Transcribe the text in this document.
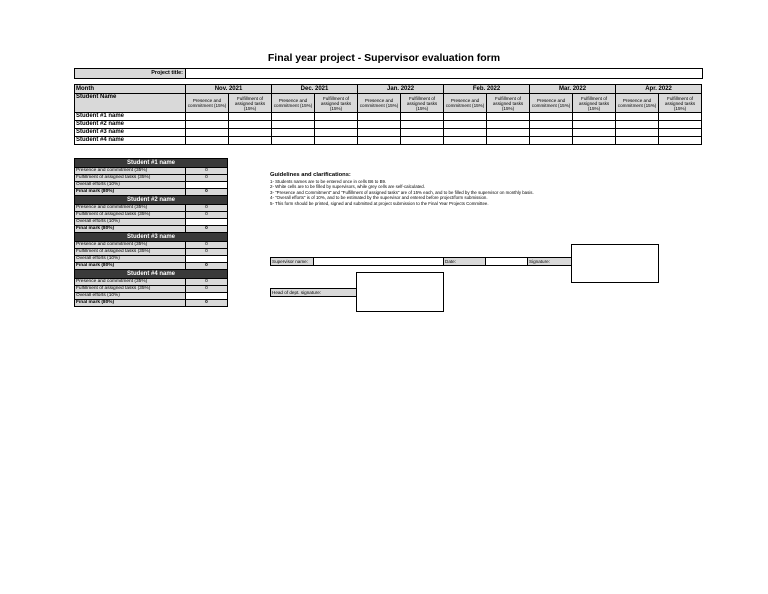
Final year project - Supervisor evaluation form
Project title:
Month	Nov. 2021		Dec. 2021		Jan. 2022		Feb. 2022		Mar. 2022		Apr. 2022	
Student Name	Presence and commitment (15%)	Fulfillment of assigned tasks (15%)	Presence and commitment (15%)	Fulfillment of assigned tasks (15%)	Presence and commitment (15%)	Fulfillment of assigned tasks (15%)	Presence and commitment (15%)	Fulfillment of assigned tasks (15%)	Presence and commitment (15%)	Fulfillment of assigned tasks (15%)	Presence and commitment (15%)	Fulfillment of assigned tasks (15%)
Student #1 name												
Student #2 name												
Student #3 name												
Student #4 name												
Student #1 name	
Presence and commitment (35%)	0
Fulfillment of assigned tasks (35%)	0
Overall efforts (10%)	
Final mark (80%)	0
Student #2 name	
Presence and commitment (35%)	0
Fulfillment of assigned tasks (35%)	0
Overall efforts (10%)	
Final mark (80%)	0
Student #3 name	
Presence and commitment (35%)	0
Fulfillment of assigned tasks (35%)	0
Overall efforts (10%)	
Final mark (80%)	0
Student #4 name	
Presence and commitment (35%)	0
Fulfillment of assigned tasks (35%)	0
Overall efforts (10%)	
Final mark (80%)	0
Guidelines and clarifications:
1- Students names are to be entered once in cells B6 to B9.
2- White cells are to be filled by supervisors, while grey cells are self-calculated.
3- "Presence and Commitment" and "Fulfillment of assigned tasks" are of 15% each, and to be filled by the supervisor on monthly basis.
4- "Overall efforts" is of 10%, and to be estimated by the supervisor and entered before project/form submission.
5- This form should be printed, signed and submitted at project submission to the Final Year Projects Committee.
Supervisor name:	Date:	Signature:
Head of dept. signature:
